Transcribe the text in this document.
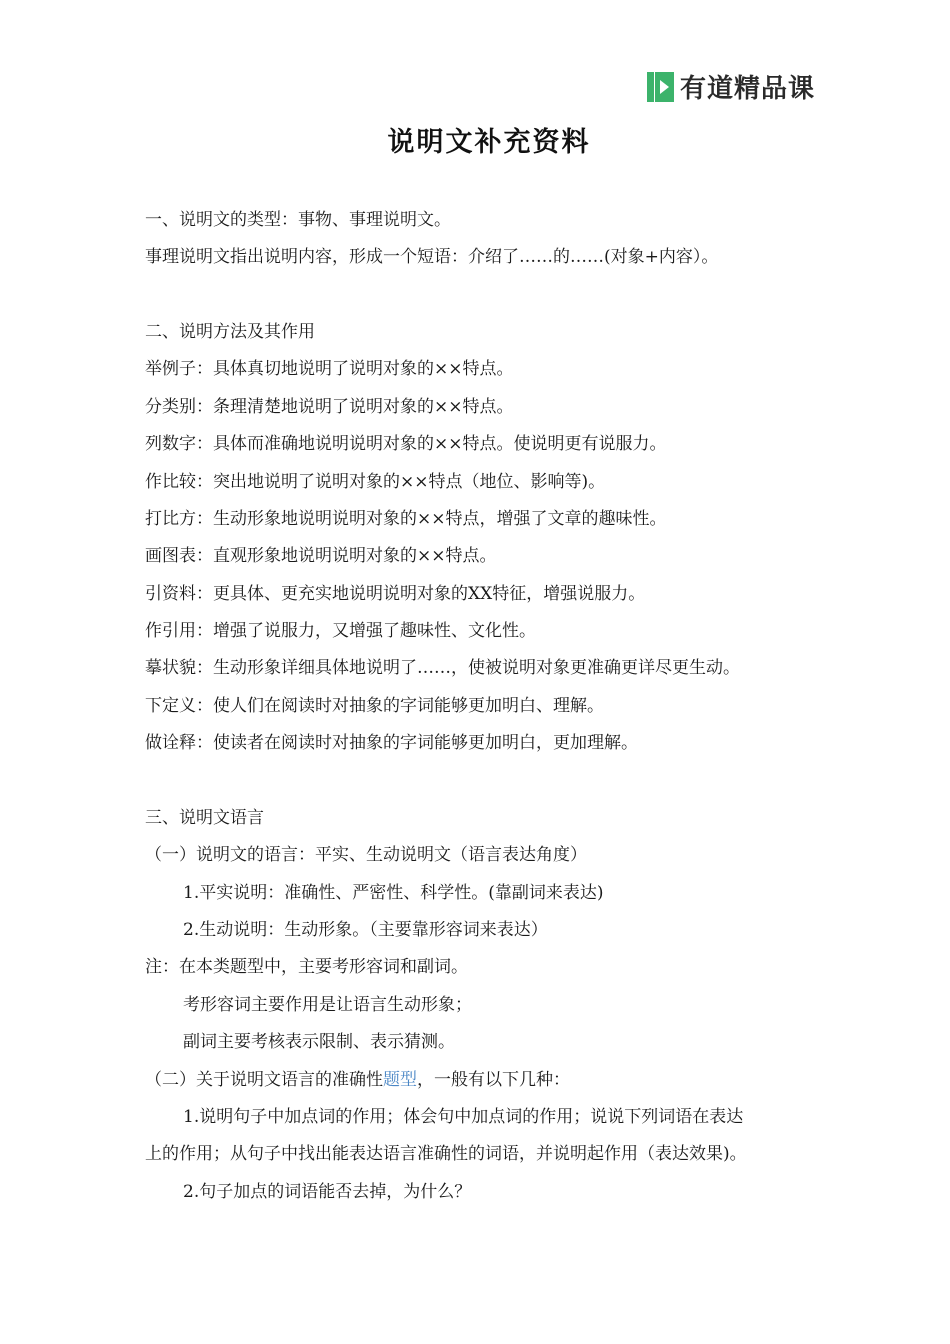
有道精品课
说明文补充资料
一、说明文的类型：事物、事理说明文。
事理说明文指出说明内容，形成一个短语：介绍了……的……(对象+内容）。
二、说明方法及其作用
举例子：具体真切地说明了说明对象的××特点。
分类别：条理清楚地说明了说明对象的××特点。
列数字：具体而准确地说明说明对象的××特点。使说明更有说服力。
作比较：突出地说明了说明对象的××特点（地位、影响等)。
打比方：生动形象地说明说明对象的××特点，增强了文章的趣味性。
画图表：直观形象地说明说明对象的××特点。
引资料：更具体、更充实地说明说明对象的XX特征，增强说服力。
作引用：增强了说服力，又增强了趣味性、文化性。
摹状貌：生动形象详细具体地说明了……，使被说明对象更准确更详尽更生动。
下定义：使人们在阅读时对抽象的字词能够更加明白、理解。
做诠释：使读者在阅读时对抽象的字词能够更加明白，更加理解。
三、说明文语言
（一）说明文的语言：平实、生动说明文（语言表达角度）
1.平实说明：准确性、严密性、科学性。(靠副词来表达)
2.生动说明：生动形象。（主要靠形容词来表达）
注：在本类题型中，主要考形容词和副词。
考形容词主要作用是让语言生动形象；
副词主要考核表示限制、表示猜测。
（二）关于说明文语言的准确性题型，一般有以下几种：
1.说明句子中加点词的作用；体会句中加点词的作用；说说下列词语在表达
上的作用；从句子中找出能表达语言准确性的词语，并说明起作用（表达效果)。
2.句子加点的词语能否去掉，为什么？
